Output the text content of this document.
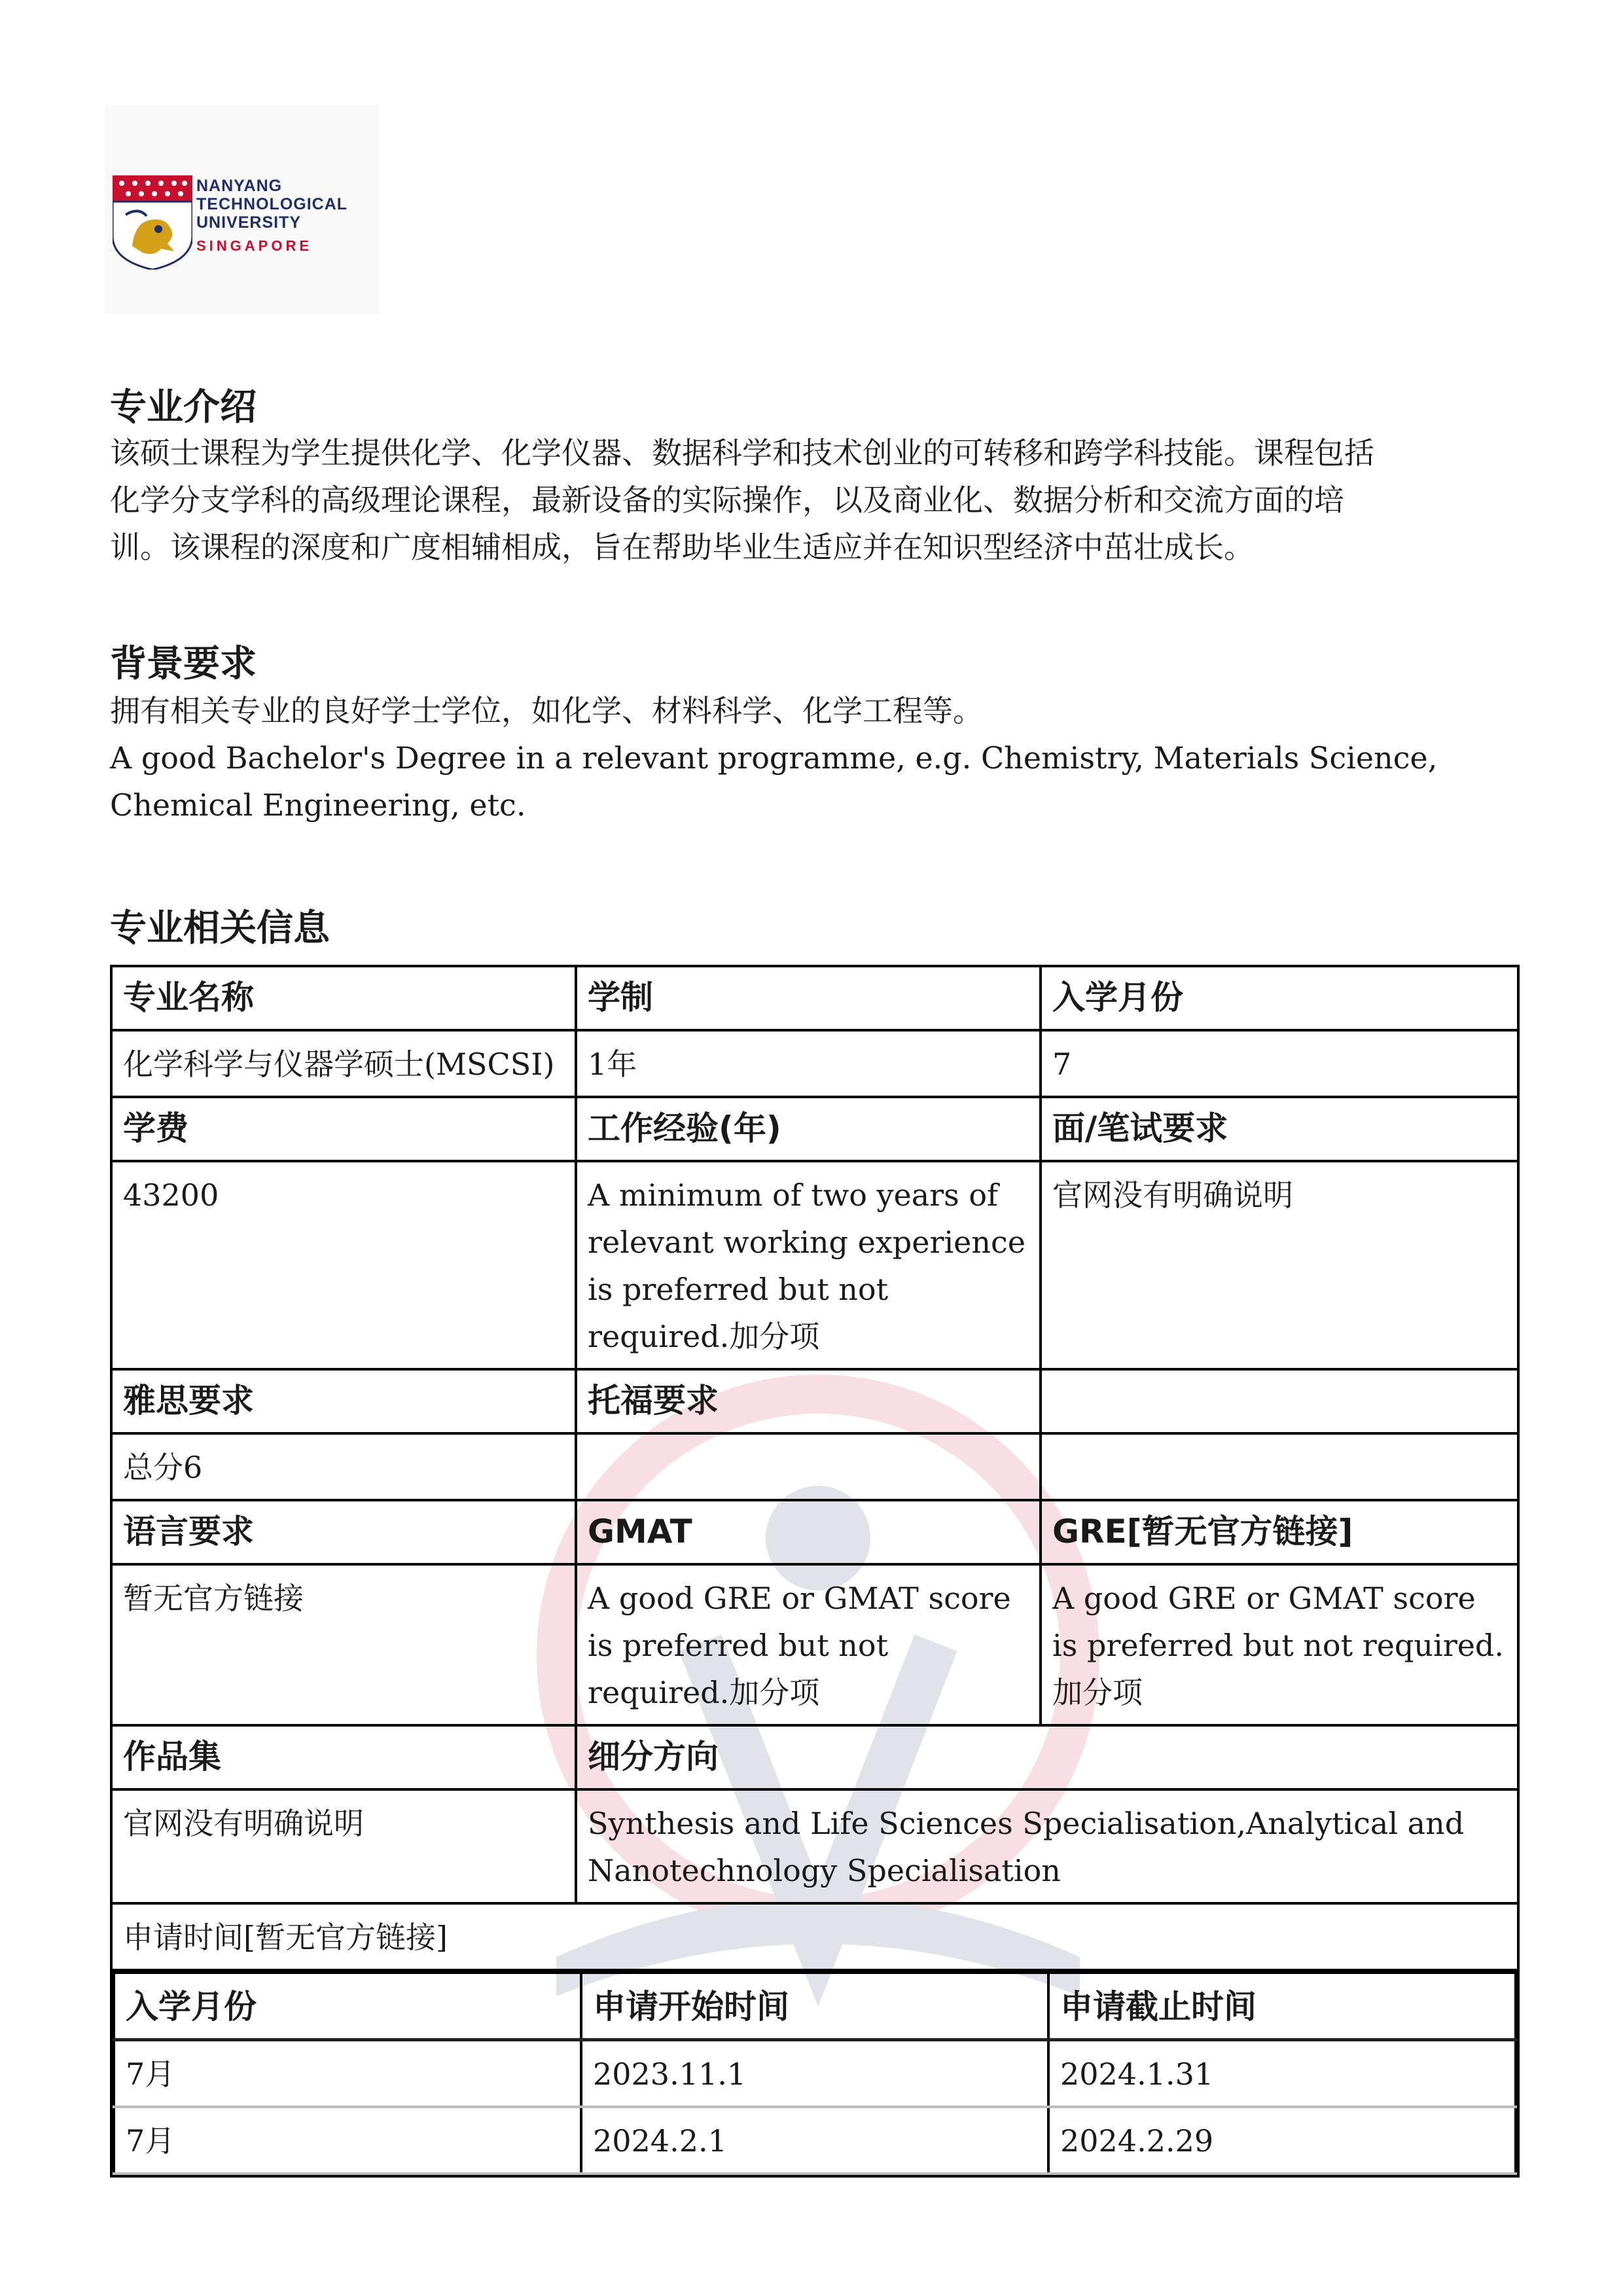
NANYANG
TECHNOLOGICAL
UNIVERSITY
SINGAPORE
专业介绍
该硕士课程为学生提供化学、化学仪器、数据科学和技术创业的可转移和跨学科技能。课程包括
化学分支学科的高级理论课程，最新设备的实际操作，以及商业化、数据分析和交流方面的培
训。该课程的深度和广度相辅相成，旨在帮助毕业生适应并在知识型经济中茁壮成长。
背景要求
拥有相关专业的良好学士学位，如化学、材料科学、化学工程等。
A good Bachelor's Degree in a relevant programme, e.g. Chemistry, Materials Science,
Chemical Engineering, etc.
专业相关信息
专业名称	学制	入学月份
化学科学与仪器学硕士(MSCSI)	1年	7
学费	工作经验(年)	面/笔试要求
43200	A minimum of two years of relevant working experience is preferred but not required.加分项	官网没有明确说明
雅思要求	托福要求	
总分6		
语言要求	GMAT	GRE[暂无官方链接]
暂无官方链接	A good GRE or GMAT score is preferred but not required.加分项	A good GRE or GMAT score is preferred but not required.加分项
作品集	细分方向
官网没有明确说明	Synthesis and Life Sciences Specialisation,Analytical and Nanotechnology Specialisation

申请时间[暂无官方链接]
入学月份	申请开始时间	申请截止时间
7月	2023.11.1	2024.1.31
7月	2024.2.1	2024.2.29
